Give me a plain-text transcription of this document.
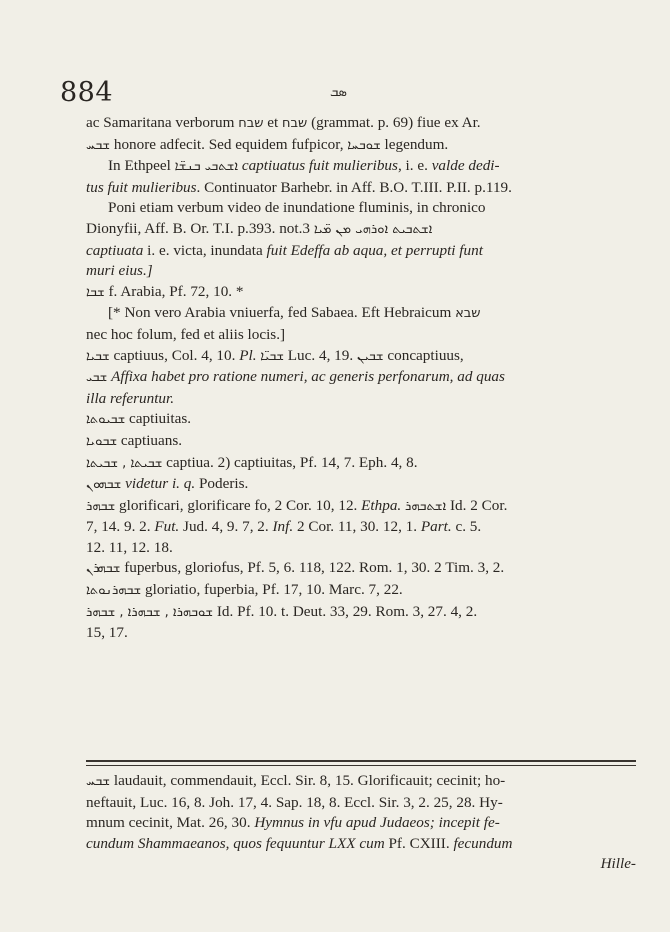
884	ܣܒ

ac Samaritana verborum שבח et שבח (grammat. p. 69) fiue ex Ar.

ܫܒܚ honore adfecit. Sed equidem fufpicor, ܫܘܒܚܐ legendum.

In Ethpeel ܐܫܬܒܝ ܒܢܫ̈ܐ captiuatus fuit mulieribus, i. e. valde dedi-

tus fuit mulieribus. Continuator Barhebr. in Aff. B.O. T.III. P.II. p.119.

Poni etiam verbum video de inundatione fluminis, in chronico

Dionyfii, Aff. B. Or. T.I. p.393. not.3 ܐܫܬܒܝܬ ܐܘܪܗܝ ܡܢ ܡ̈ܝܐ

captiuata i. e. victa, inundata fuit Edeffa ab aqua, et perrupti funt

muri eius.]

ܫܒܐ f. Arabia, Pf. 72, 10. *

[* Non vero Arabia vniuerfa, fed Sabaea. Eft Hebraicum שבא

nec hoc folum, fed et aliis locis.]

ܫܒܝܐ captiuus, Col. 4, 10. Pl. ܫܒܝ̈ܐ Luc. 4, 19. ܫܒܝܢ concaptiuus,

ܫܒܝ Affixa habet pro ratione numeri, ac generis perfonarum, ad quas

illa referuntur.

ܫܒܝܘܬܐ captiuitas.

ܫܒܘܝܐ captiuans.

ܫܒܝܬܐ , ܫܒܝܬܐ captiua. 2) captiuitas, Pf. 14, 7. Eph. 4, 8.

ܫܒܗܘܢ videtur i. q. Poderis.

ܫܒܗܪ glorificari, glorificare fo, 2 Cor. 10, 12. Ethpa. ܐܫܬܒܗܪ Id. 2 Cor.

7, 14. 9. 2. Fut. Jud. 4, 9. 7, 2. Inf. 2 Cor. 11, 30. 12, 1. Part. c. 5.

12. 11, 12. 18.

ܫܒܗܪܢ fuperbus, gloriofus, Pf. 5, 6. 118, 122. Rom. 1, 30. 2 Tim. 3, 2.

ܫܒܗܪܢܘܬܐ gloriatio, fuperbia, Pf. 17, 10. Marc. 7, 22.

ܫܘܒܗܪܐ , ܫܒܗܪܐ , ܫܒܗܪ Id. Pf. 10. t. Deut. 33, 29. Rom. 3, 27. 4, 2.

15, 17.

ܫܒܚ laudauit, commendauit, Eccl. Sir. 8, 15. Glorificauit; cecinit; ho-

neftauit, Luc. 16, 8. Joh. 17, 4. Sap. 18, 8. Eccl. Sir. 3, 2. 25, 28. Hy-

mnum cecinit, Mat. 26, 30. Hymnus in vfu apud Judaeos; incepit fe-

cundum Shammaeanos, quos fequuntur LXX cum Pf. CXIII. fecundum

Hille-
